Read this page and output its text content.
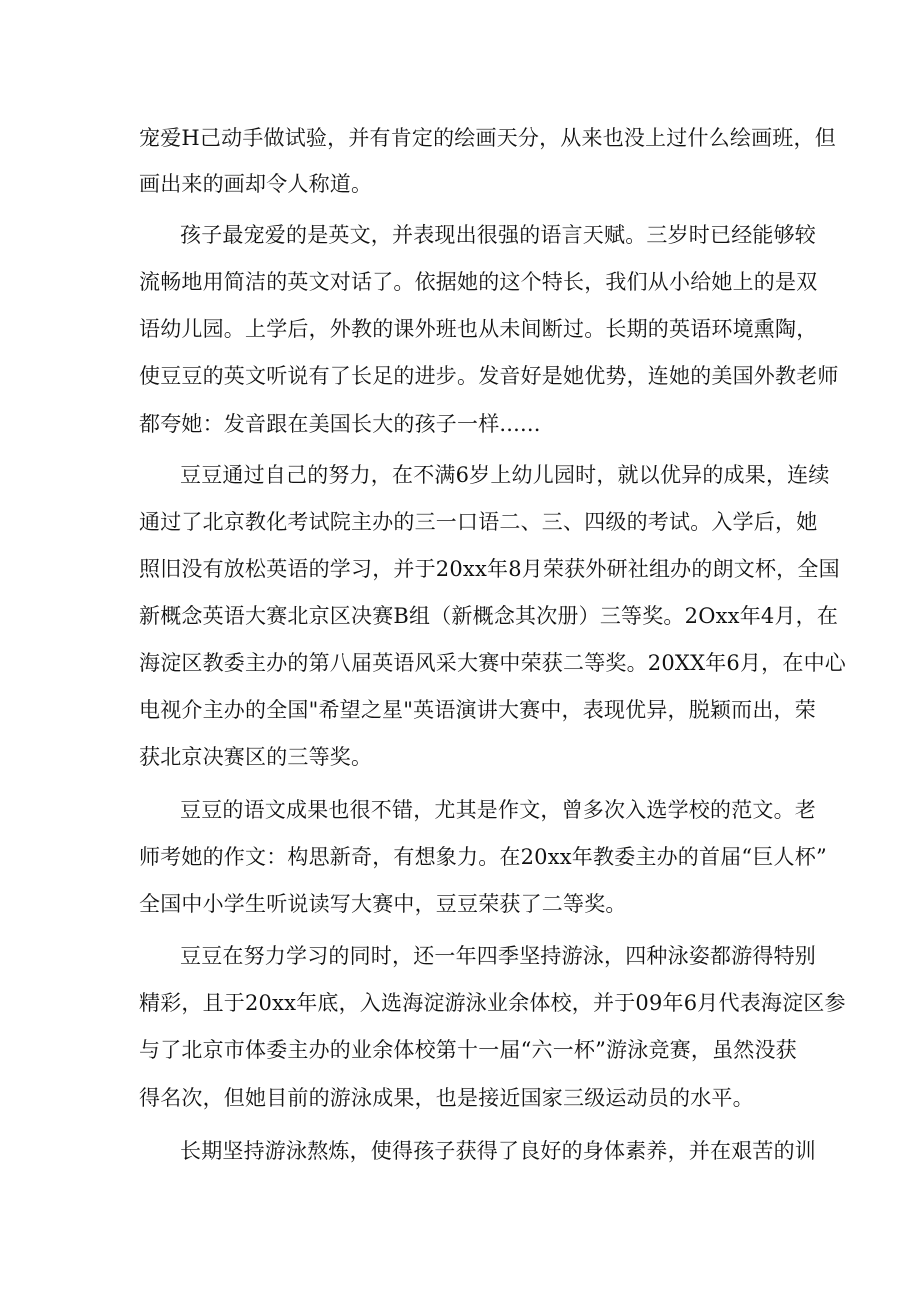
宠爱H己动手做试验，并有肯定的绘画天分，从来也没上过什么绘画班，但
画出来的画却令人称道。
孩子最宠爱的是英文，并表现出很强的语言天赋。三岁时已经能够较
流畅地用简洁的英文对话了。依据她的这个特长，我们从小给她上的是双
语幼儿园。上学后，外教的课外班也从未间断过。长期的英语环境熏陶，
使豆豆的英文听说有了长足的进步。发音好是她优势，连她的美国外教老师
都夸她：发音跟在美国长大的孩子一样......
豆豆通过自己的努力，在不满6岁上幼儿园时，就以优异的成果，连续
通过了北京教化考试院主办的三一口语二、三、四级的考试。入学后，她
照旧没有放松英语的学习，并于20xx年8月荣获外研社组办的朗文杯，全国
新概念英语大赛北京区决赛B组（新概念其次册）三等奖。2Oxx年4月，在
海淀区教委主办的第八届英语风采大赛中荣获二等奖。20XX年6月，在中心
电视介主办的全国"希望之星"英语演讲大赛中，表现优异，脱颖而出，荣
获北京决赛区的三等奖。
豆豆的语文成果也很不错，尤其是作文，曾多次入选学校的范文。老
师考她的作文：构思新奇，有想象力。在20xx年教委主办的首届“巨人杯”
全国中小学生听说读写大赛中，豆豆荣获了二等奖。
豆豆在努力学习的同时，还一年四季坚持游泳，四种泳姿都游得特别
精彩，且于20xx年底，入选海淀游泳业余体校，并于09年6月代表海淀区参
与了北京市体委主办的业余体校第十一届“六一杯”游泳竞赛，虽然没获
得名次，但她目前的游泳成果，也是接近国家三级运动员的水平。
长期坚持游泳熬炼，使得孩子获得了良好的身体素养，并在艰苦的训
